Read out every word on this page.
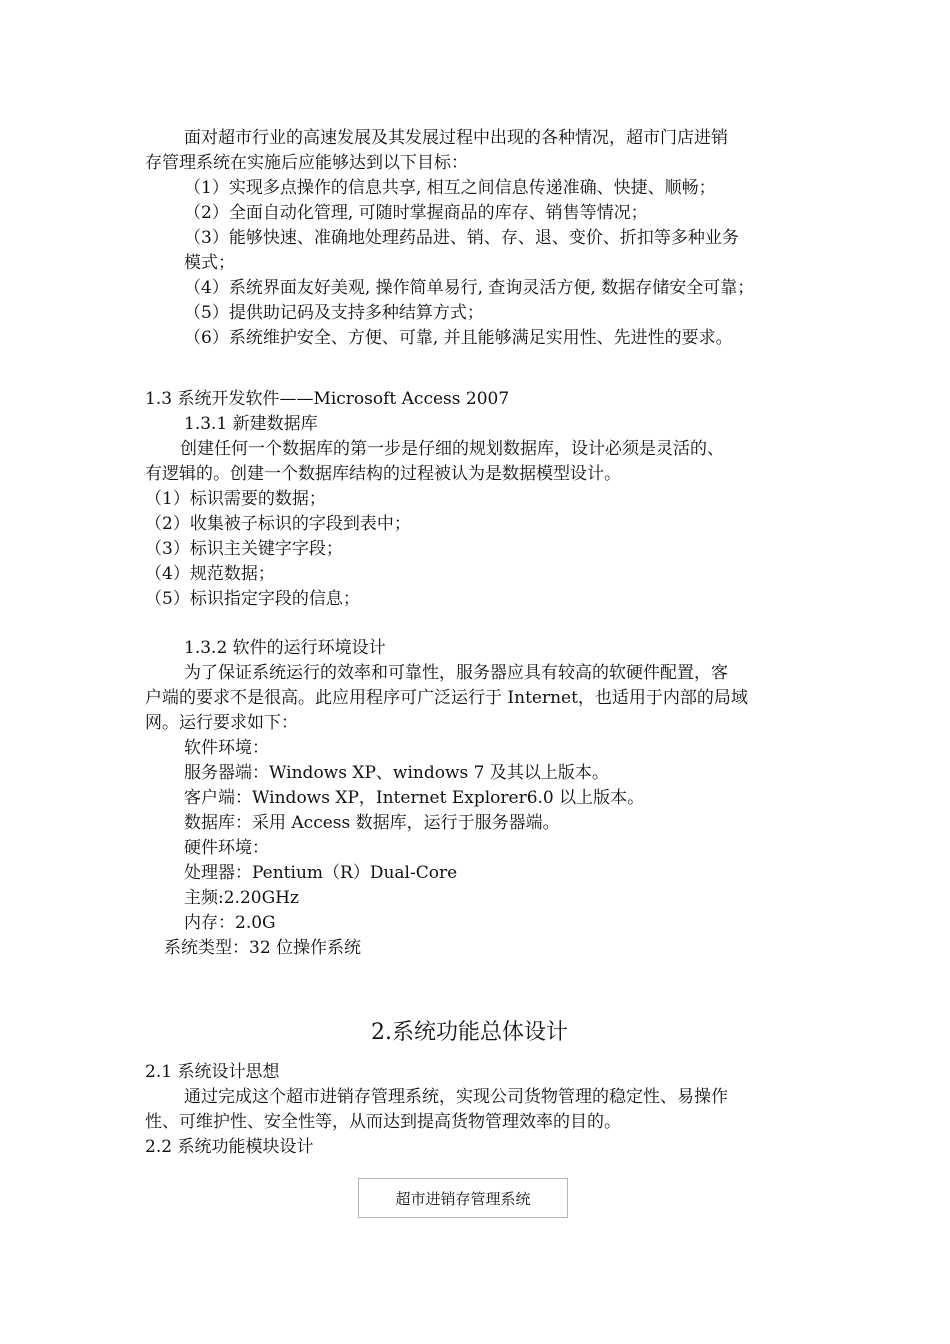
面对超市行业的高速发展及其发展过程中出现的各种情况，超市门店进销
存管理系统在实施后应能够达到以下目标：
（1）实现多点操作的信息共享, 相互之间信息传递准确、快捷、顺畅；
（2）全面自动化管理, 可随时掌握商品的库存、销售等情况；
（3）能够快速、准确地处理药品进、销、存、退、变价、折扣等多种业务
模式；
（4）系统界面友好美观, 操作简单易行, 查询灵活方便, 数据存储安全可靠；
（5）提供助记码及支持多种结算方式；
（6）系统维护安全、方便、可靠, 并且能够满足实用性、先进性的要求。
1.3 系统开发软件——Microsoft Access 2007
1.3.1 新建数据库
创建任何一个数据库的第一步是仔细的规划数据库，设计必须是灵活的、
有逻辑的。创建一个数据库结构的过程被认为是数据模型设计。
（1）标识需要的数据；
（2）收集被子标识的字段到表中；
（3）标识主关键字字段；
（4）规范数据；
（5）标识指定字段的信息；
1.3.2 软件的运行环境设计
为了保证系统运行的效率和可靠性，服务器应具有较高的软硬件配置，客
户端的要求不是很高。此应用程序可广泛运行于 Internet，也适用于内部的局域
网。运行要求如下：
软件环境：
服务器端：Windows XP、windows 7 及其以上版本。
客户端：Windows XP，Internet Explorer6.0 以上版本。
数据库：采用 Access 数据库，运行于服务器端。
硬件环境：
处理器：Pentium（R）Dual-Core
主频:2.20GHz
内存：2.0G
系统类型：32 位操作系统
2.系统功能总体设计
2.1 系统设计思想
通过完成这个超市进销存管理系统，实现公司货物管理的稳定性、易操作
性、可维护性、安全性等，从而达到提高货物管理效率的目的。
2.2 系统功能模块设计
超市进销存管理系统
